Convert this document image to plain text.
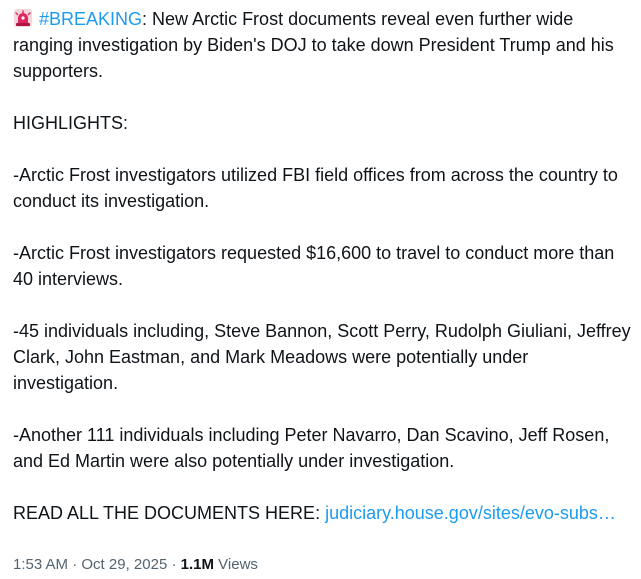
#BREAKING: New Arctic Frost documents reveal even further wide ranging investigation by Biden's DOJ to take down President Trump and his supporters.

HIGHLIGHTS:

-Arctic Frost investigators utilized FBI field offices from across the country to conduct its investigation.

-Arctic Frost investigators requested $16,600 to travel to conduct more than 40 interviews.

-45 individuals including, Steve Bannon, Scott Perry, Rudolph Giuliani, Jeffrey Clark, John Eastman, and Mark Meadows were potentially under investigation.

-Another 111 individuals including Peter Navarro, Dan Scavino, Jeff Rosen, and Ed Martin were also potentially under investigation.

READ ALL THE DOCUMENTS HERE: judiciary.house.gov/sites/evo-subs…

1:53 AM · Oct 29, 2025 · 1.1M Views
